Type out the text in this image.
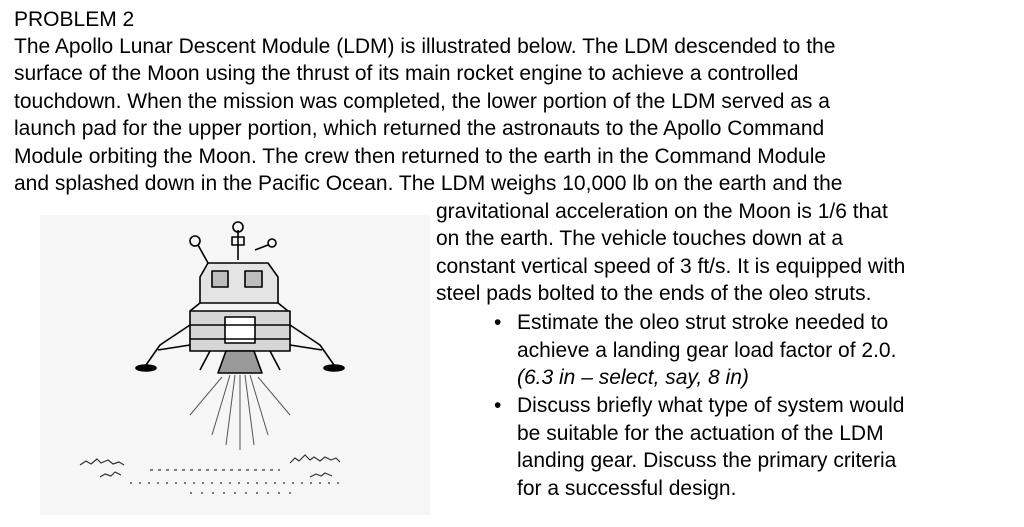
PROBLEM 2
The Apollo Lunar Descent Module (LDM) is illustrated below. The LDM descended to the
surface of the Moon using the thrust of its main rocket engine to achieve a controlled
touchdown. When the mission was completed, the lower portion of the LDM served as a
launch pad for the upper portion, which returned the astronauts to the Apollo Command
Module orbiting the Moon. The crew then returned to the earth in the Command Module
and splashed down in the Pacific Ocean. The LDM weighs 10,000 lb on the earth and the
gravitational acceleration on the Moon is 1/6 that
on the earth. The vehicle touches down at a
constant vertical speed of 3 ft/s. It is equipped with
steel pads bolted to the ends of the oleo struts.
• Estimate the oleo strut stroke needed to
achieve a landing gear load factor of 2.0.
(6.3 in – select, say, 8 in)
• Discuss briefly what type of system would
be suitable for the actuation of the LDM
landing gear. Discuss the primary criteria
for a successful design.
